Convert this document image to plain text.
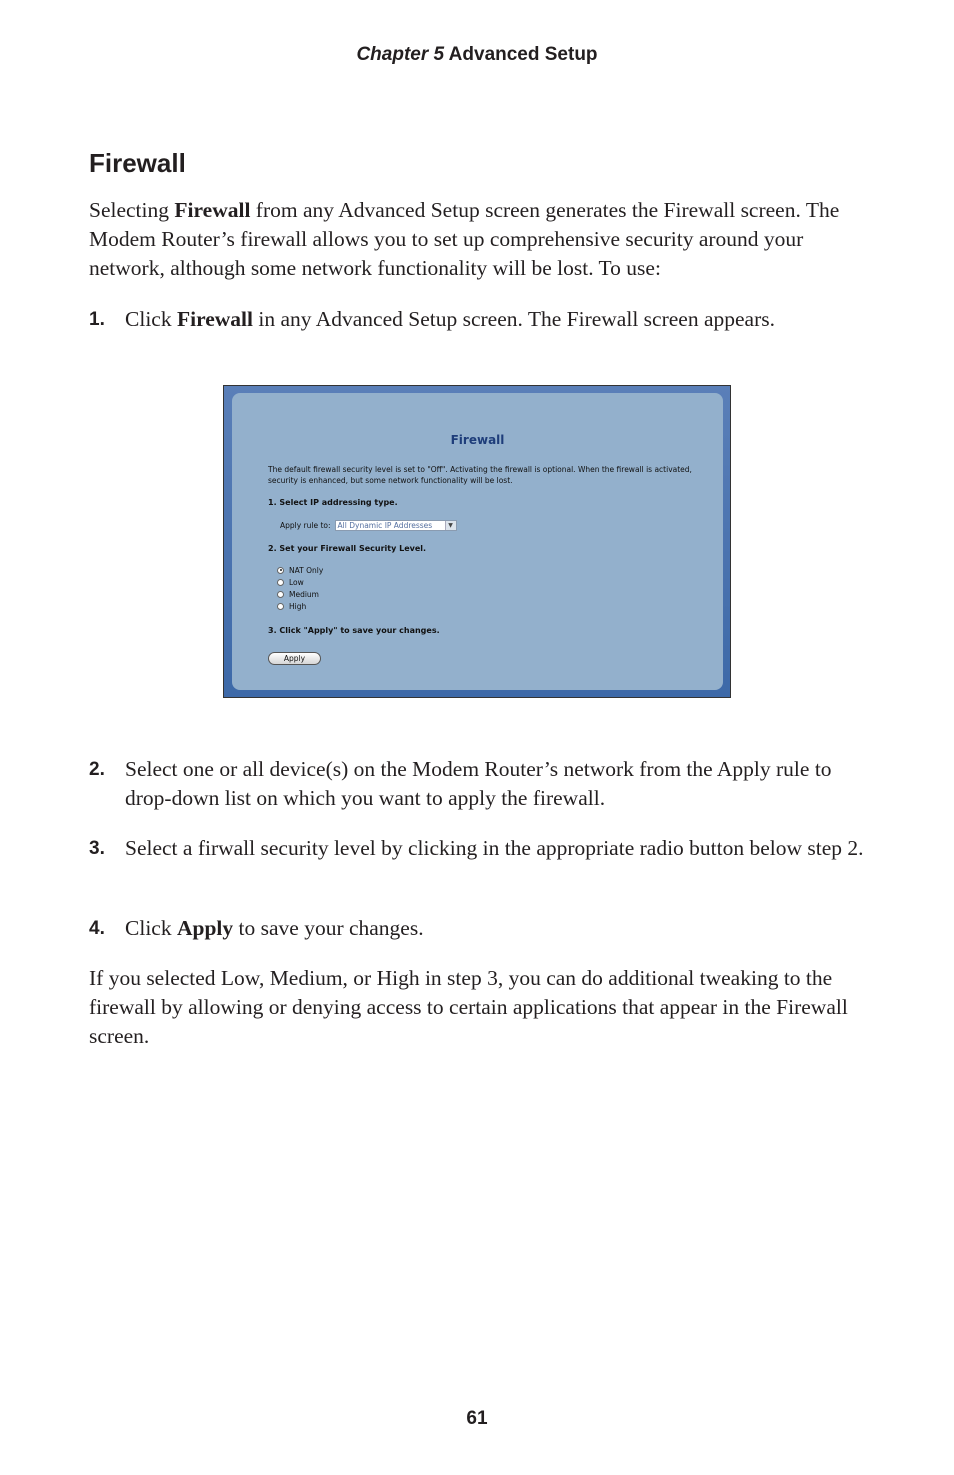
Chapter 5 Advanced Setup
Firewall

Selecting Firewall from any Advanced Setup screen generates the Firewall screen. The Modem Router’s firewall allows you to set up comprehensive security around your network, although some network functionality will be lost. To use:

1. Click Firewall in any Advanced Setup screen. The Firewall screen appears.
Firewall
The default firewall security level is set to "Off". Activating the firewall is optional. When the firewall is activated, security is enhanced, but some network functionality will be lost.
1. Select IP addressing type.
Apply rule to: All Dynamic IP Addresses	▼
2. Set your Firewall Security Level.
NAT Only
Low
Medium
High
3. Click "Apply" to save your changes.
Apply
2. Select one or all device(s) on the Modem Router’s network from the Apply rule to drop-down list on which you want to apply the firewall.
3. Select a firwall security level by clicking in the appropriate radio button below step 2.
4. Click Apply to save your changes.

If you selected Low, Medium, or High in step 3, you can do additional tweaking to the firewall by allowing or denying access to certain applications that appear in the Firewall screen.

61
